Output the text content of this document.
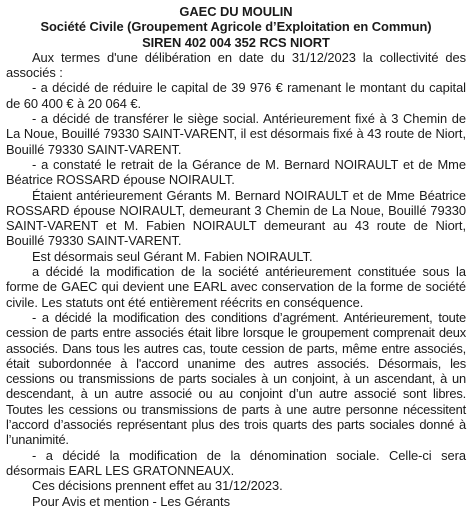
GAEC DU MOULIN
Société Civile (Groupement Agricole d’Exploitation en Commun)
SIREN 402 004 352 RCS NIORT

Aux termes d'une délibération en date du 31/12/2023 la collectivité des associés :

- a décidé de réduire le capital de 39 976 € ramenant le montant du capital de 60 400 € à 20 064 €.

- a décidé de transférer le siège social. Antérieurement fixé à 3 Chemin de La Noue, Bouillé 79330 SAINT-VARENT, il est désormais fixé à 43 route de Niort, Bouillé 79330 SAINT-VARENT.

- a constaté le retrait de la Gérance de M. Bernard NOIRAULT et de Mme Béatrice ROSSARD épouse NOIRAULT.

Étaient antérieurement Gérants M. Bernard NOIRAULT et de Mme Béatrice ROSSARD épouse NOIRAULT, demeurant 3 Chemin de La Noue, Bouillé 79330 SAINT-VARENT et M. Fabien NOIRAULT demeurant au 43 route de Niort, Bouillé 79330 SAINT-VARENT.

Est désormais seul Gérant M. Fabien NOIRAULT.

a décidé la modification de la société antérieurement constituée sous la forme de GAEC qui devient une EARL avec conservation de la forme de société civile. Les statuts ont été entièrement réécrits en conséquence.

- a décidé la modification des conditions d’agrément. Antérieurement, toute cession de parts entre associés était libre lorsque le groupement comprenait deux associés. Dans tous les autres cas, toute cession de parts, même entre associés, était subordonnée à l'accord unanime des autres associés. Désormais, les cessions ou transmissions de parts sociales à un conjoint, à un ascendant, à un descendant, à un autre associé ou au conjoint d’un autre associé sont libres. Toutes les cessions ou transmissions de parts à une autre personne nécessitent l’accord d’associés représentant plus des trois quarts des parts sociales donné à l’unanimité.

- a décidé la modification de la dénomination sociale. Celle-ci sera désormais EARL LES GRATONNEAUX.

Ces décisions prennent effet au 31/12/2023.

Pour Avis et mention - Les Gérants
